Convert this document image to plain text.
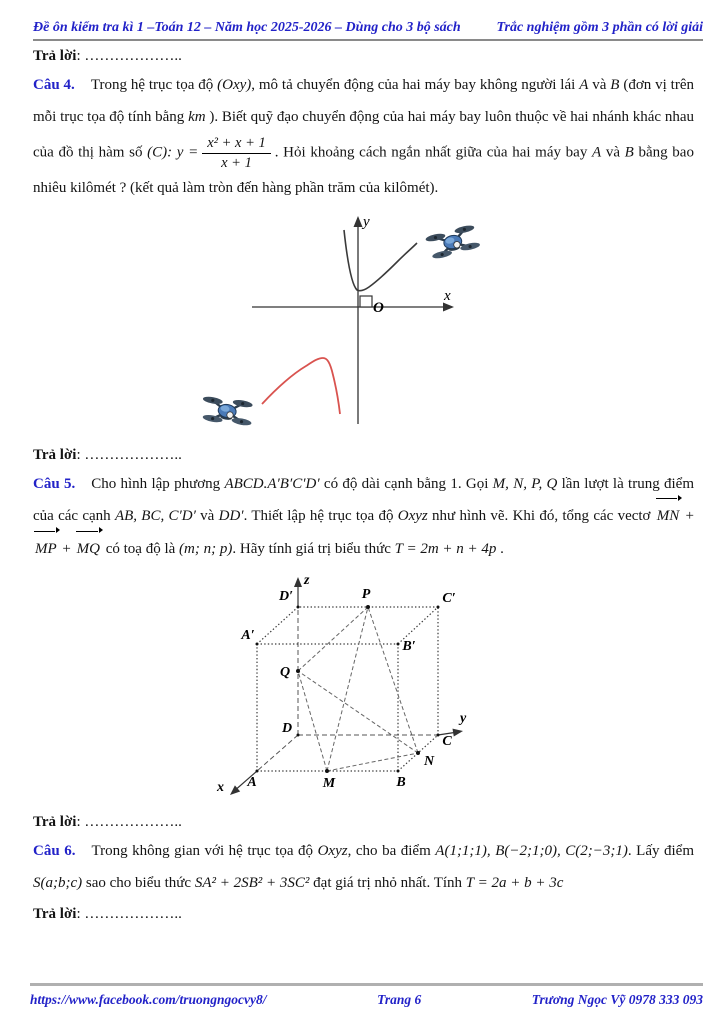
Đề ôn kiểm tra kì 1 –Toán 12 – Năm học 2025-2026 – Dùng cho 3 bộ sách	Trắc nghiệm gồm 3 phần có lời giải

Trả lời: ………………..

Câu 4. Trong hệ trục tọa độ (Oxy), mô tả chuyển động của hai máy bay không người lái A và B (đơn vị trên mỗi trục tọa độ tính bằng km ). Biết quỹ đạo chuyển động của hai máy bay luôn thuộc về hai nhánh khác nhau của đồ thị hàm số (C): $y = \frac{\text{x² + x + 1}}{x + 1}$ . Hỏi khoảng cách ngắn nhất giữa của hai máy bay A và B bằng bao nhiêu kilômét ? (kết quả làm tròn đến hàng phần trăm của kilômét).

y
x
O

Trả lời: ………………..

Câu 5. Cho hình lập phương ABCD.A′B′C′D′ có độ dài cạnh bằng 1. Gọi M, N, P, Q lần lượt là trung điểm của các cạnh AB, BC, C′D′ và DD′. Thiết lập hệ trục tọa độ Oxyz như hình vẽ. Khi đó, tổng các vectơ MN + MP + MQ có toạ độ là (m; n; p). Hãy tính giá trị biểu thức T = 2m + n + 4p .

A	B
C
D
A′
B′
C′
D′
M
N
P
Q
z
y
x

Trả lời: ………………..

Câu 6. Trong không gian với hệ trục tọa độ Oxyz, cho ba điểm A(1;1;1), B(−2;1;0), C(2;−3;1). Lấy điểm S(a;b;c) sao cho biểu thức SA² + 2SB² + 3SC² đạt giá trị nhỏ nhất. Tính T = 2a + b + 3c

Trả lời: ………………..

https://www.facebook.com/truongngocvy8/	Trang 6	Trương Ngọc Vỹ 0978 333 093
